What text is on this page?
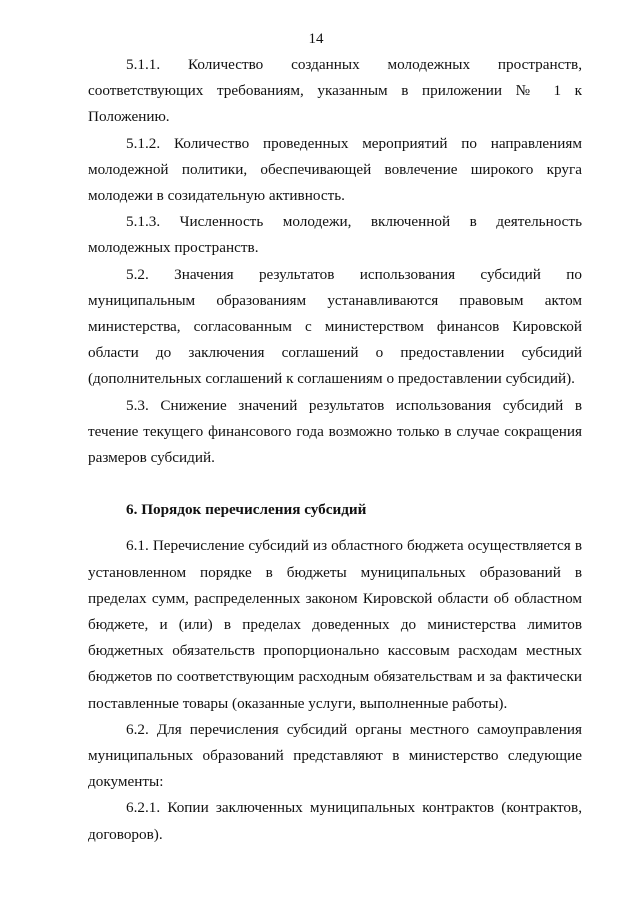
14

5.1.1. Количество созданных молодежных пространств, соответствующих требованиям, указанным в приложении № 1 к Положению.

5.1.2. Количество проведенных мероприятий по направлениям молодежной политики, обеспечивающей вовлечение широкого круга молодежи в созидательную активность.

5.1.3. Численность молодежи, включенной в деятельность молодежных пространств.

5.2. Значения результатов использования субсидий по муниципальным образованиям устанавливаются правовым актом министерства, согласованным с министерством финансов Кировской области до заключения соглашений о предоставлении субсидий (дополнительных соглашений к соглашениям о предоставлении субсидий).

5.3. Снижение значений результатов использования субсидий в течение текущего финансового года возможно только в случае сокращения размеров субсидий.

6. Порядок перечисления субсидий

6.1. Перечисление субсидий из областного бюджета осуществляется в установленном порядке в бюджеты муниципальных образований в пределах сумм, распределенных законом Кировской области об областном бюджете, и (или) в пределах доведенных до министерства лимитов бюджетных обязательств пропорционально кассовым расходам местных бюджетов по соответствующим расходным обязательствам и за фактически поставленные товары (оказанные услуги, выполненные работы).

6.2. Для перечисления субсидий органы местного самоуправления муниципальных образований представляют в министерство следующие документы:

6.2.1. Копии заключенных муниципальных контрактов (контрактов, договоров).
